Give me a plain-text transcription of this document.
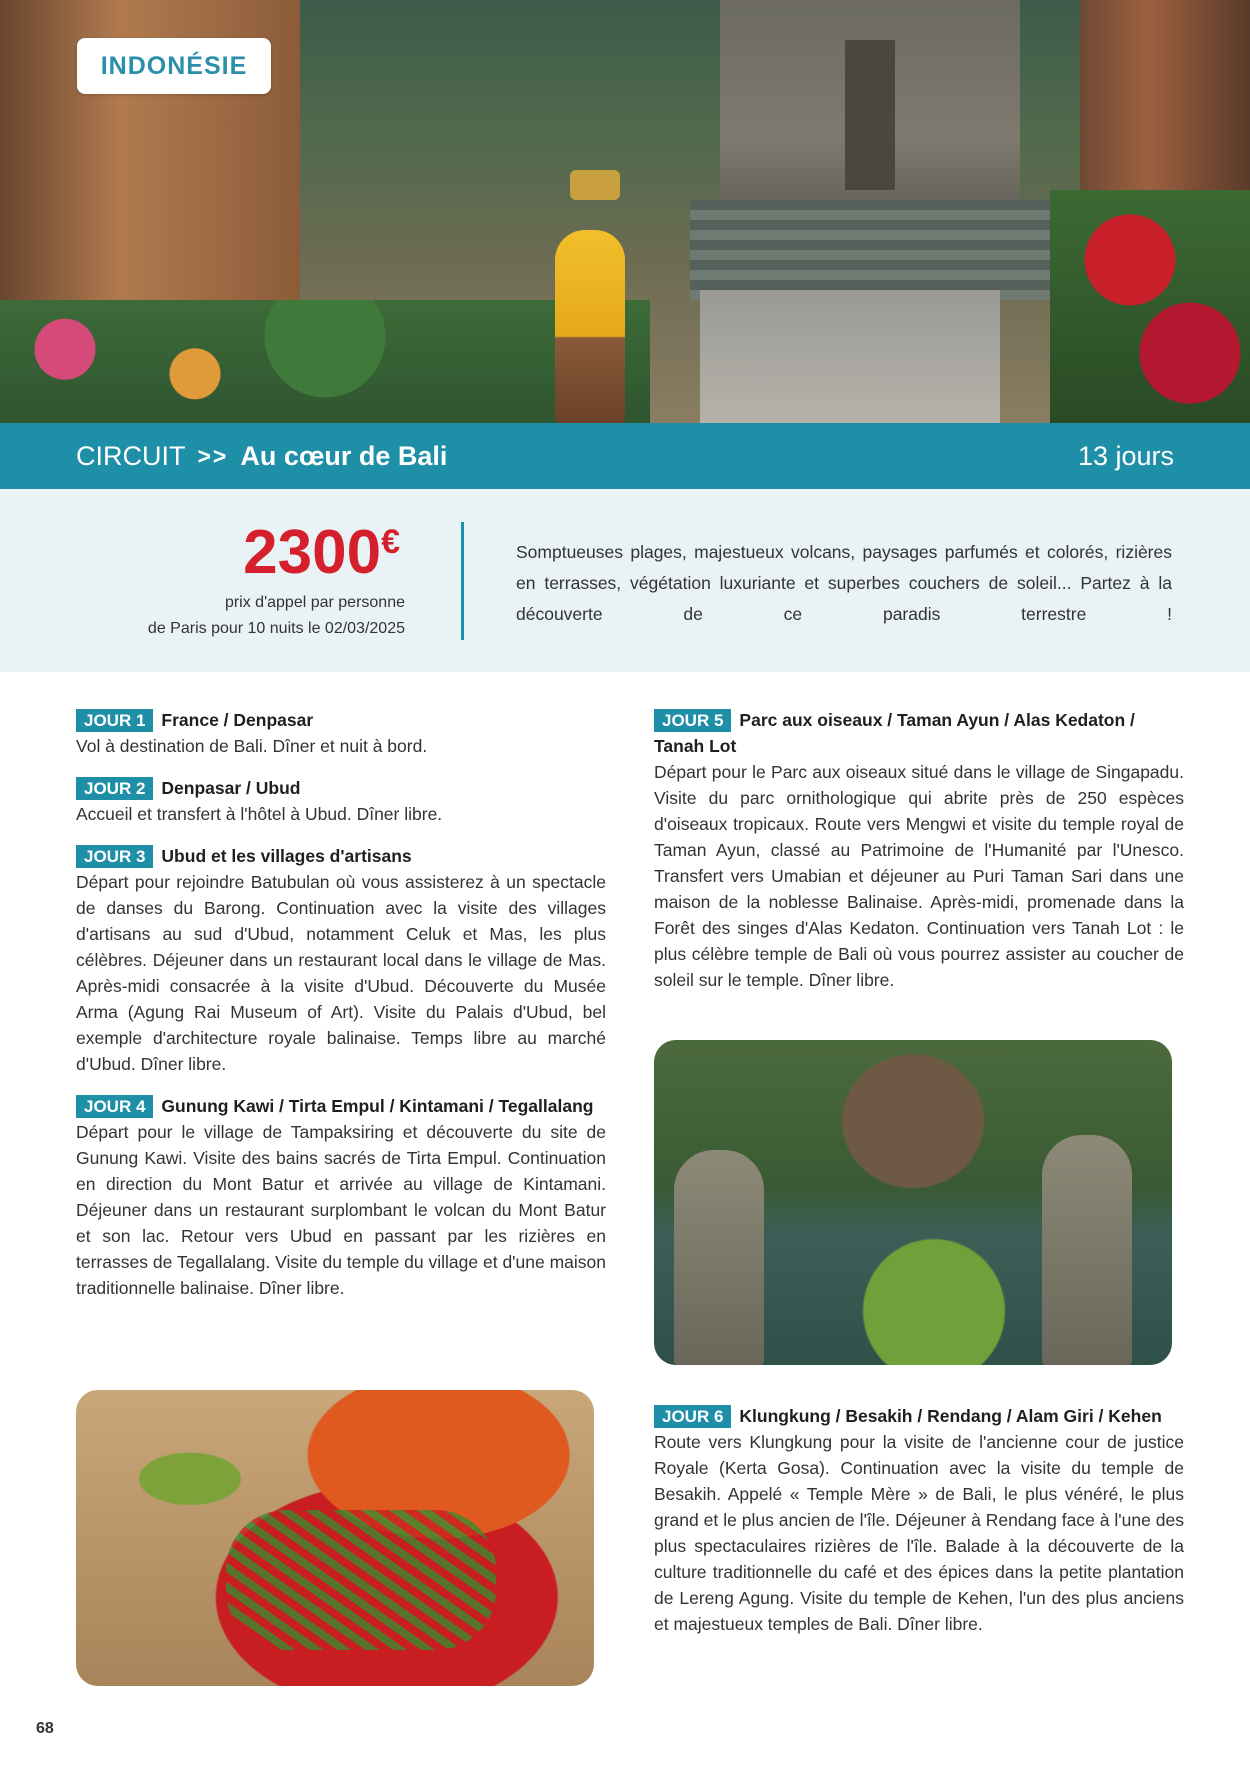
INDONÉSIE
CIRCUIT >> Au cœur de Bali	13 jours
2300€
prix d'appel par personne
de Paris pour 10 nuits le 02/03/2025
Somptueuses plages, majestueux volcans, paysages parfumés et colorés, rizières en terrasses, végétation luxuriante et superbes couchers de soleil... Partez à la découverte de ce paradis terrestre !
JOUR 1 France / Denpasar
Vol à destination de Bali. Dîner et nuit à bord.
JOUR 2 Denpasar / Ubud
Accueil et transfert à l'hôtel à Ubud. Dîner libre.
JOUR 3 Ubud et les villages d'artisans
Départ pour rejoindre Batubulan où vous assisterez à un spectacle de danses du Barong. Continuation avec la visite des villages d'artisans au sud d'Ubud, notamment Celuk et Mas, les plus célèbres. Déjeuner dans un restaurant local dans le village de Mas. Après-midi consacrée à la visite d'Ubud. Découverte du Musée Arma (Agung Rai Museum of Art). Visite du Palais d'Ubud, bel exemple d'architecture royale balinaise. Temps libre au marché d'Ubud. Dîner libre.
JOUR 4 Gunung Kawi / Tirta Empul / Kintamani / Tegallalang
Départ pour le village de Tampaksiring et découverte du site de Gunung Kawi. Visite des bains sacrés de Tirta Empul. Continuation en direction du Mont Batur et arrivée au village de Kintamani. Déjeuner dans un restaurant surplombant le volcan du Mont Batur et son lac. Retour vers Ubud en passant par les rizières en terrasses de Tegallalang. Visite du temple du village et d'une maison traditionnelle balinaise. Dîner libre.
JOUR 5 Parc aux oiseaux / Taman Ayun / Alas Kedaton / Tanah Lot
Départ pour le Parc aux oiseaux situé dans le village de Singapadu. Visite du parc ornithologique qui abrite près de 250 espèces d'oiseaux tropicaux. Route vers Mengwi et visite du temple royal de Taman Ayun, classé au Patrimoine de l'Humanité par l'Unesco. Transfert vers Umabian et déjeuner au Puri Taman Sari dans une maison de la noblesse Balinaise. Après-midi, promenade dans la Forêt des singes d'Alas Kedaton. Continuation vers Tanah Lot : le plus célèbre temple de Bali où vous pourrez assister au coucher de soleil sur le temple. Dîner libre.
JOUR 6 Klungkung / Besakih / Rendang / Alam Giri / Kehen
Route vers Klungkung pour la visite de l'ancienne cour de justice Royale (Kerta Gosa). Continuation avec la visite du temple de Besakih. Appelé « Temple Mère » de Bali, le plus vénéré, le plus grand et le plus ancien de l'île. Déjeuner à Rendang face à l'une des plus spectaculaires rizières de l'île. Balade à la découverte de la culture traditionnelle du café et des épices dans la petite plantation de Lereng Agung. Visite du temple de Kehen, l'un des plus anciens et majestueux temples de Bali. Dîner libre.
68
